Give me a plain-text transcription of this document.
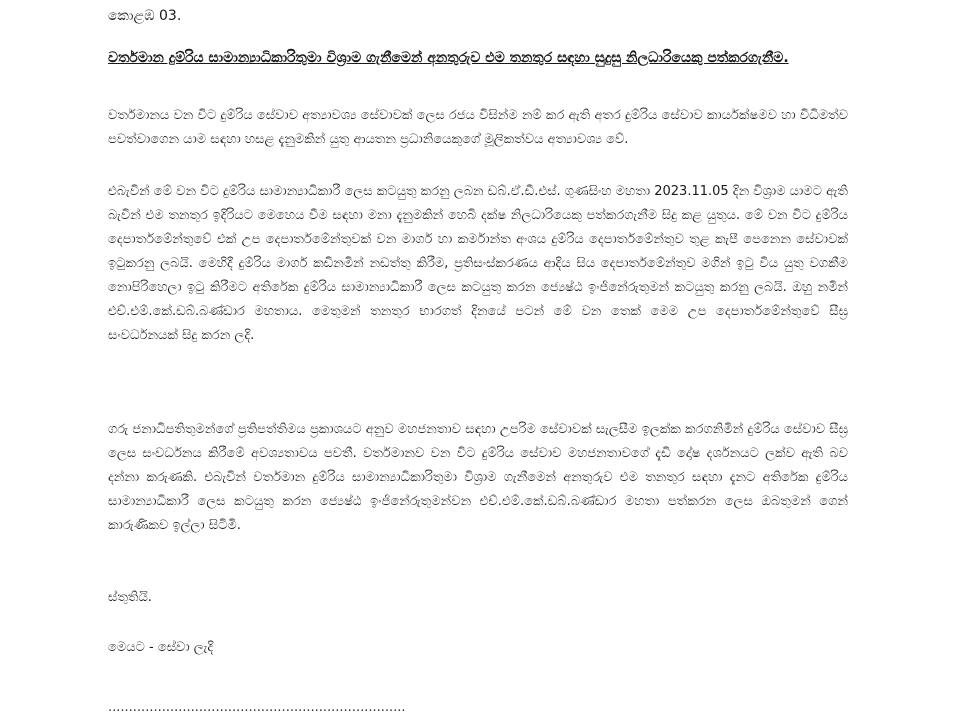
කොළඹ 03.
වර්තමාන දුම්රිය සාමාන්‍යාධිකාරිතුමා විශ්‍රාම ගැනීමෙන් අනතුරුව එම තනතුර සඳහා සුදුසු නිලධාරියෙකු පත්කරගැනීම.

වර්තමානය වන විට දුම්රිය සේවාව අත්‍යාවශ්‍ය සේවාවක් ලෙස රජය විසින්ම නම් කර ඇති අතර දුම්රිය සේවාව කාර්යක්ෂමව හා විධිමත්ව පවත්වාගෙන යාම සඳහා හසළ දැනුමකින් යුතු ආයතන ප්‍රධානියෙකුගේ මූලිකත්වය අත්‍යාවශ්‍ය වේ.

එබැවින් මේ වන විට දුම්රිය සාමාන්‍යාධිකාරී ලෙස කටයුතු කරනු ලබන ඩබ්.ඒ.ඩී.එස්. ගුණසිංහ මහතා 2023.11.05 දින විශ්‍රාම යාමට ඇති බැවින් එම තනතුර ඉදිරියට මෙහෙය වීම සඳහා මනා දැනුමකින් හෙබි දක්ෂ නිලධාරියෙකු පත්කරගැනීම සිදු කළ යුතුය. මේ වන විට දුම්රිය දෙපාර්තමේන්තුවේ එක් උප දෙපාර්තමේන්තුවක් වන මාර්ග හා කර්මාන්ත අංශය දුම්රිය දෙපාර්තමේන්තුව තුළ කැපී පෙනෙන සේවාවක් ඉටුකරනු ලබයි. මෙහිදී දුම්රිය මාර්ග කඩිනමින් නඩත්තු කිරීම, ප්‍රතිසංස්කරණය ආදිය සිය දෙපාර්තමේන්තුව මගින් ඉටු විය යුතු වගකීම නොපිරිහෙලා ඉටු කිරීමට අතිරේක දුම්රිය සාමාන්‍යාධිකාරී ලෙස කටයුතු කරන ජ්‍යෙෂ්ඨ ඉංජිනේරුතුමන් කටයුතු කරනු ලබයි. ඔහු නමින් එච්.එම්.කේ.ඩබ්.බණ්ඩාර මහතාය. මෙතුමන් තනතුර භාරගත් දිනයේ පටන් මේ වන තෙක් මෙම උප දෙපාර්තමේන්තුවේ සීඝ්‍ර සංවර්ධනයක් සිදු කරන ලදි.

ගරු ජනාධිපතිතුමන්ගේ ප්‍රතිපත්තිමය ප්‍රකාශයට අනුව මහජනතාව සඳහා උපරිම සේවාවක් සැලසීම ඉලක්ක කරගනිමින් දුම්රිය සේවාව සීඝ්‍ර ලෙස සංවර්ධනය කිරීමේ අවශ්‍යතාවය පවතී. වර්තමානව වන විට දුම්රිය සේවාව මහජනතාවගේ දැඩි දෝෂ දර්ශනයට ලක්ව ඇති බව දන්නා කරුණකි. එබැවින් වර්තමාන දුම්රිය සාමාන්‍යාධිකාරිතුමා විශ්‍රාම ගැනීමෙන් අනතුරුව එම තනතුර සඳහා දැනට අතිරේක දුම්රිය සාමාන්‍යාධිකාරී ලෙස කටයුතු කරන ජ්‍යෙෂ්ඨ ඉංජිනේරුතුමන්වන එච්.එම්.කේ.ඩබ්.බණ්ඩාර මහතා පත්කරන ලෙස ඔබතුමන් ගෙන් කාරුණිකව ඉල්ලා සිටිමි.

ස්තුතියි.
මෙයට - සේවා ලැදි
........................................................................
